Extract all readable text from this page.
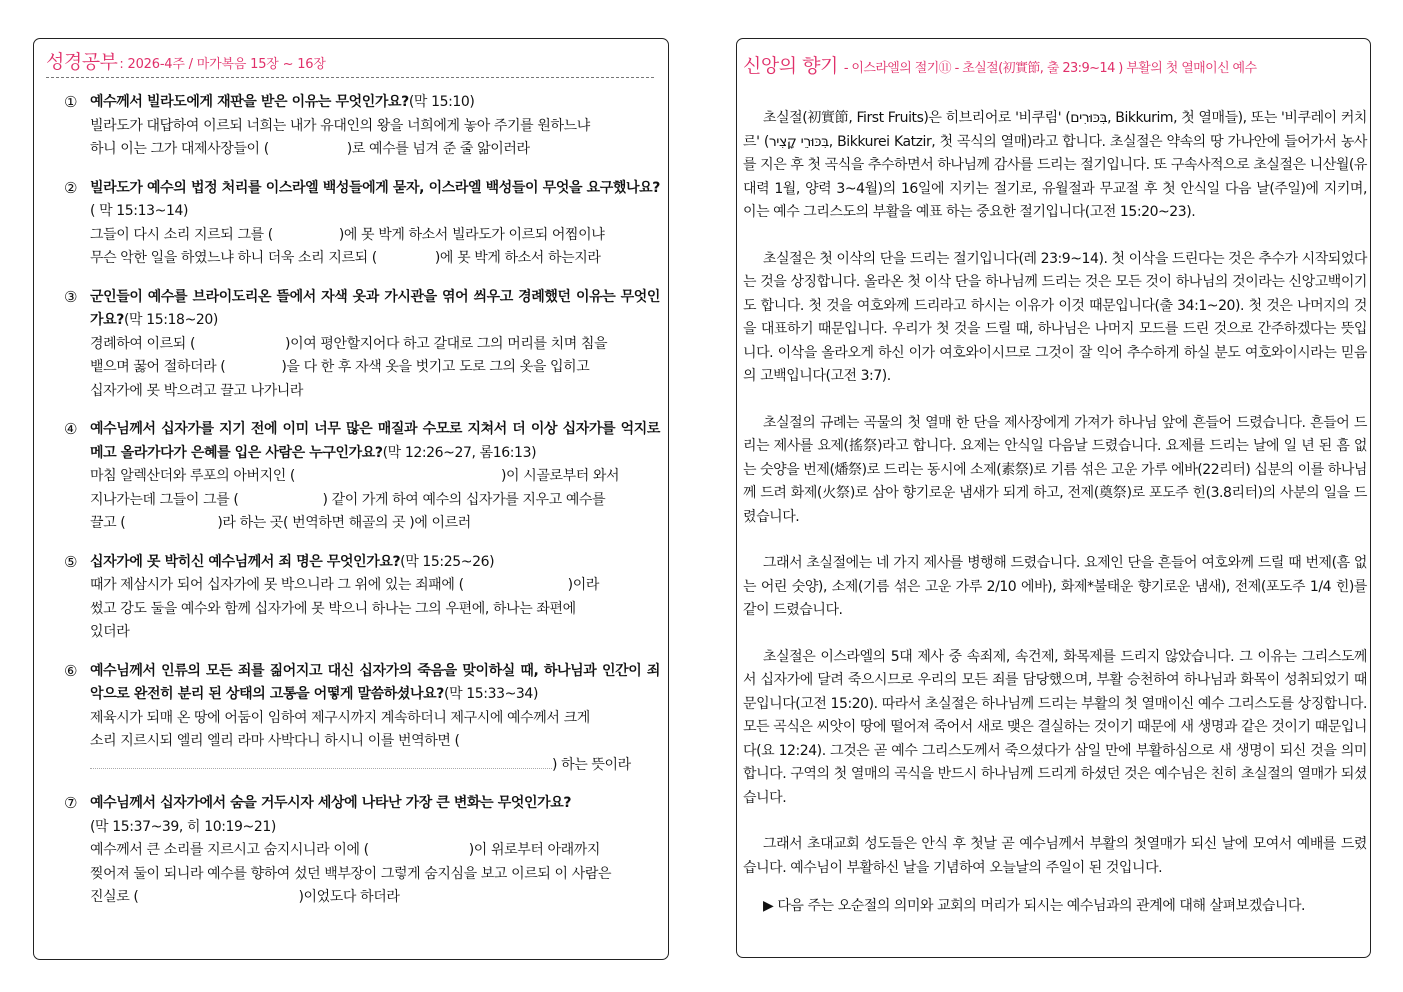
성경공부 : 2026-4주 / 마가복음 15장 ~ 16장
① 예수께서 빌라도에게 재판을 받은 이유는 무엇인가요?(막 15:10)
빌라도가 대답하여 이르되 너희는 내가 유대인의 왕을 너희에게 놓아 주기를 원하느냐
하니 이는 그가 대제사장들이 (	)로 예수를 넘겨 준 줄 앎이러라
② 빌라도가 예수의 법정 처리를 이스라엘 백성들에게 묻자, 이스라엘 백성들이 무엇을 요구했나요?( 막 15:13~14)
그들이 다시 소리 지르되 그를 (	)에 못 박게 하소서 빌라도가 이르되 어찜이냐
무슨 악한 일을 하였느냐 하니 더욱 소리 지르되 (	)에 못 박게 하소서 하는지라
③ 군인들이 예수를 브라이도리온 뜰에서 자색 옷과 가시관을 엮어 씌우고 경례했던 이유는 무엇인가요?(막 15:18~20)
경례하여 이르되 (	)이여 평안할지어다 하고 갈대로 그의 머리를 치며 침을
뱉으며 꿇어 절하더라 (	)을 다 한 후 자색 옷을 벗기고 도로 그의 옷을 입히고
십자가에 못 박으려고 끌고 나가니라
④ 예수님께서 십자가를 지기 전에 이미 너무 많은 매질과 수모로 지쳐서 더 이상 십자가를 억지로 메고 올라가다가 은혜를 입은 사람은 누구인가요?(막 12:26~27, 롬16:13)
마침 알렉산더와 루포의 아버지인 (	)이 시골로부터 와서
지나가는데 그들이 그를 (	) 같이 가게 하여 예수의 십자가를 지우고 예수를
끌고 (	)라 하는 곳( 번역하면 해골의 곳 )에 이르러
⑤ 십자가에 못 박히신 예수님께서 죄 명은 무엇인가요?(막 15:25~26)
때가 제삼시가 되어 십자가에 못 박으니라 그 위에 있는 죄패에 (	)이라
썼고 강도 둘을 예수와 함께 십자가에 못 박으니 하나는 그의 우편에, 하나는 좌편에
있더라
⑥ 예수님께서 인류의 모든 죄를 짊어지고 대신 십자가의 죽음을 맞이하실 때, 하나님과 인간이 죄악으로 완전히 분리 된 상태의 고통을 어떻게 말씀하셨나요?(막 15:33~34)
제육시가 되매 온 땅에 어둠이 임하여 제구시까지 계속하더니 제구시에 예수께서 크게
소리 지르시되 엘리 엘리 라마 사박다니 하시니 이를 번역하면 (
) 하는 뜻이라
⑦ 예수님께서 십자가에서 숨을 거두시자 세상에 나타난 가장 큰 변화는 무엇인가요?
(막 15:37~39, 히 10:19~21)
예수께서 큰 소리를 지르시고 숨지시니라 이에 (	)이 위로부터 아래까지
찢어져 둘이 되니라 예수를 향하여 섰던 백부장이 그렇게 숨지심을 보고 이르되 이 사람은
진실로 (	)이었도다 하더라
신앙의 향기 - 이스라엘의 절기⑪ - 초실절(初實節, 출 23:9~14 ) 부활의 첫 열매이신 예수
초실절(初實節, First Fruits)은 히브리어로 '비쿠림' (בִּכּוּרִים, Bikkurim, 첫 열매들), 또는 '비쿠레이 커치르' (בִּכּוּרֵי קָצִיר, Bikkurei Katzir, 첫 곡식의 열매)라고 합니다. 초실절은 약속의 땅 가나안에 들어가서 농사를 지은 후 첫 곡식을 추수하면서 하나님께 감사를 드리는 절기입니다. 또 구속사적으로 초실절은 니산월(유대력 1월, 양력 3~4월)의 16일에 지키는 절기로, 유월절과 무교절 후 첫 안식일 다음 날(주일)에 지키며, 이는 예수 그리스도의 부활을 예표 하는 중요한 절기입니다(고전 15:20~23).
초실절은 첫 이삭의 단을 드리는 절기입니다(레 23:9~14). 첫 이삭을 드린다는 것은 추수가 시작되었다는 것을 상징합니다. 올라온 첫 이삭 단을 하나님께 드리는 것은 모든 것이 하나님의 것이라는 신앙고백이기도 합니다. 첫 것을 여호와께 드리라고 하시는 이유가 이것 때문입니다(출 34:1~20). 첫 것은 나머지의 것을 대표하기 때문입니다. 우리가 첫 것을 드릴 때, 하나님은 나머지 모드를 드린 것으로 간주하겠다는 뜻입니다. 이삭을 올라오게 하신 이가 여호와이시므로 그것이 잘 익어 추수하게 하실 분도 여호와이시라는 믿음의 고백입니다(고전 3:7).
초실절의 규례는 곡물의 첫 열매 한 단을 제사장에게 가져가 하나님 앞에 흔들어 드렸습니다. 흔들어 드리는 제사를 요제(搖祭)라고 합니다. 요제는 안식일 다음날 드렸습니다. 요제를 드리는 날에 일 년 된 흠 없는 숫양을 번제(燔祭)로 드리는 동시에 소제(素祭)로 기름 섞은 고운 가루 에바(22리터) 십분의 이를 하나님께 드려 화제(火祭)로 삼아 향기로운 냄새가 되게 하고, 전제(奠祭)로 포도주 힌(3.8리터)의 사분의 일을 드렸습니다.
그래서 초실절에는 네 가지 제사를 병행해 드렸습니다. 요제인 단을 흔들어 여호와께 드릴 때 번제(흠 없는 어린 숫양), 소제(기름 섞은 고운 가루 2/10 에바), 화제*불태운 향기로운 냄새), 전제(포도주 1/4 힌)를 같이 드렸습니다.
초실절은 이스라엘의 5대 제사 중 속죄제, 속건제, 화목제를 드리지 않았습니다. 그 이유는 그리스도께서 십자가에 달려 죽으시므로 우리의 모든 죄를 담당했으며, 부활 승천하여 하나님과 화목이 성취되었기 때문입니다(고전 15:20). 따라서 초실절은 하나님께 드리는 부활의 첫 열매이신 예수 그리스도를 상징합니다. 모든 곡식은 씨앗이 땅에 떨어져 죽어서 새로 맺은 결실하는 것이기 때문에 새 생명과 같은 것이기 때문입니다(요 12:24). 그것은 곧 예수 그리스도께서 죽으셨다가 삼일 만에 부활하심으로 새 생명이 되신 것을 의미합니다. 구역의 첫 열매의 곡식을 반드시 하나님께 드리게 하셨던 것은 예수님은 친히 초실절의 열매가 되셨습니다.
그래서 초대교회 성도들은 안식 후 첫날 곧 예수님께서 부활의 첫열매가 되신 날에 모여서 예배를 드렸습니다. 예수님이 부활하신 날을 기념하여 오늘날의 주일이 된 것입니다.
▶ 다음 주는 오순절의 의미와 교회의 머리가 되시는 예수님과의 관계에 대해 살펴보겠습니다.
